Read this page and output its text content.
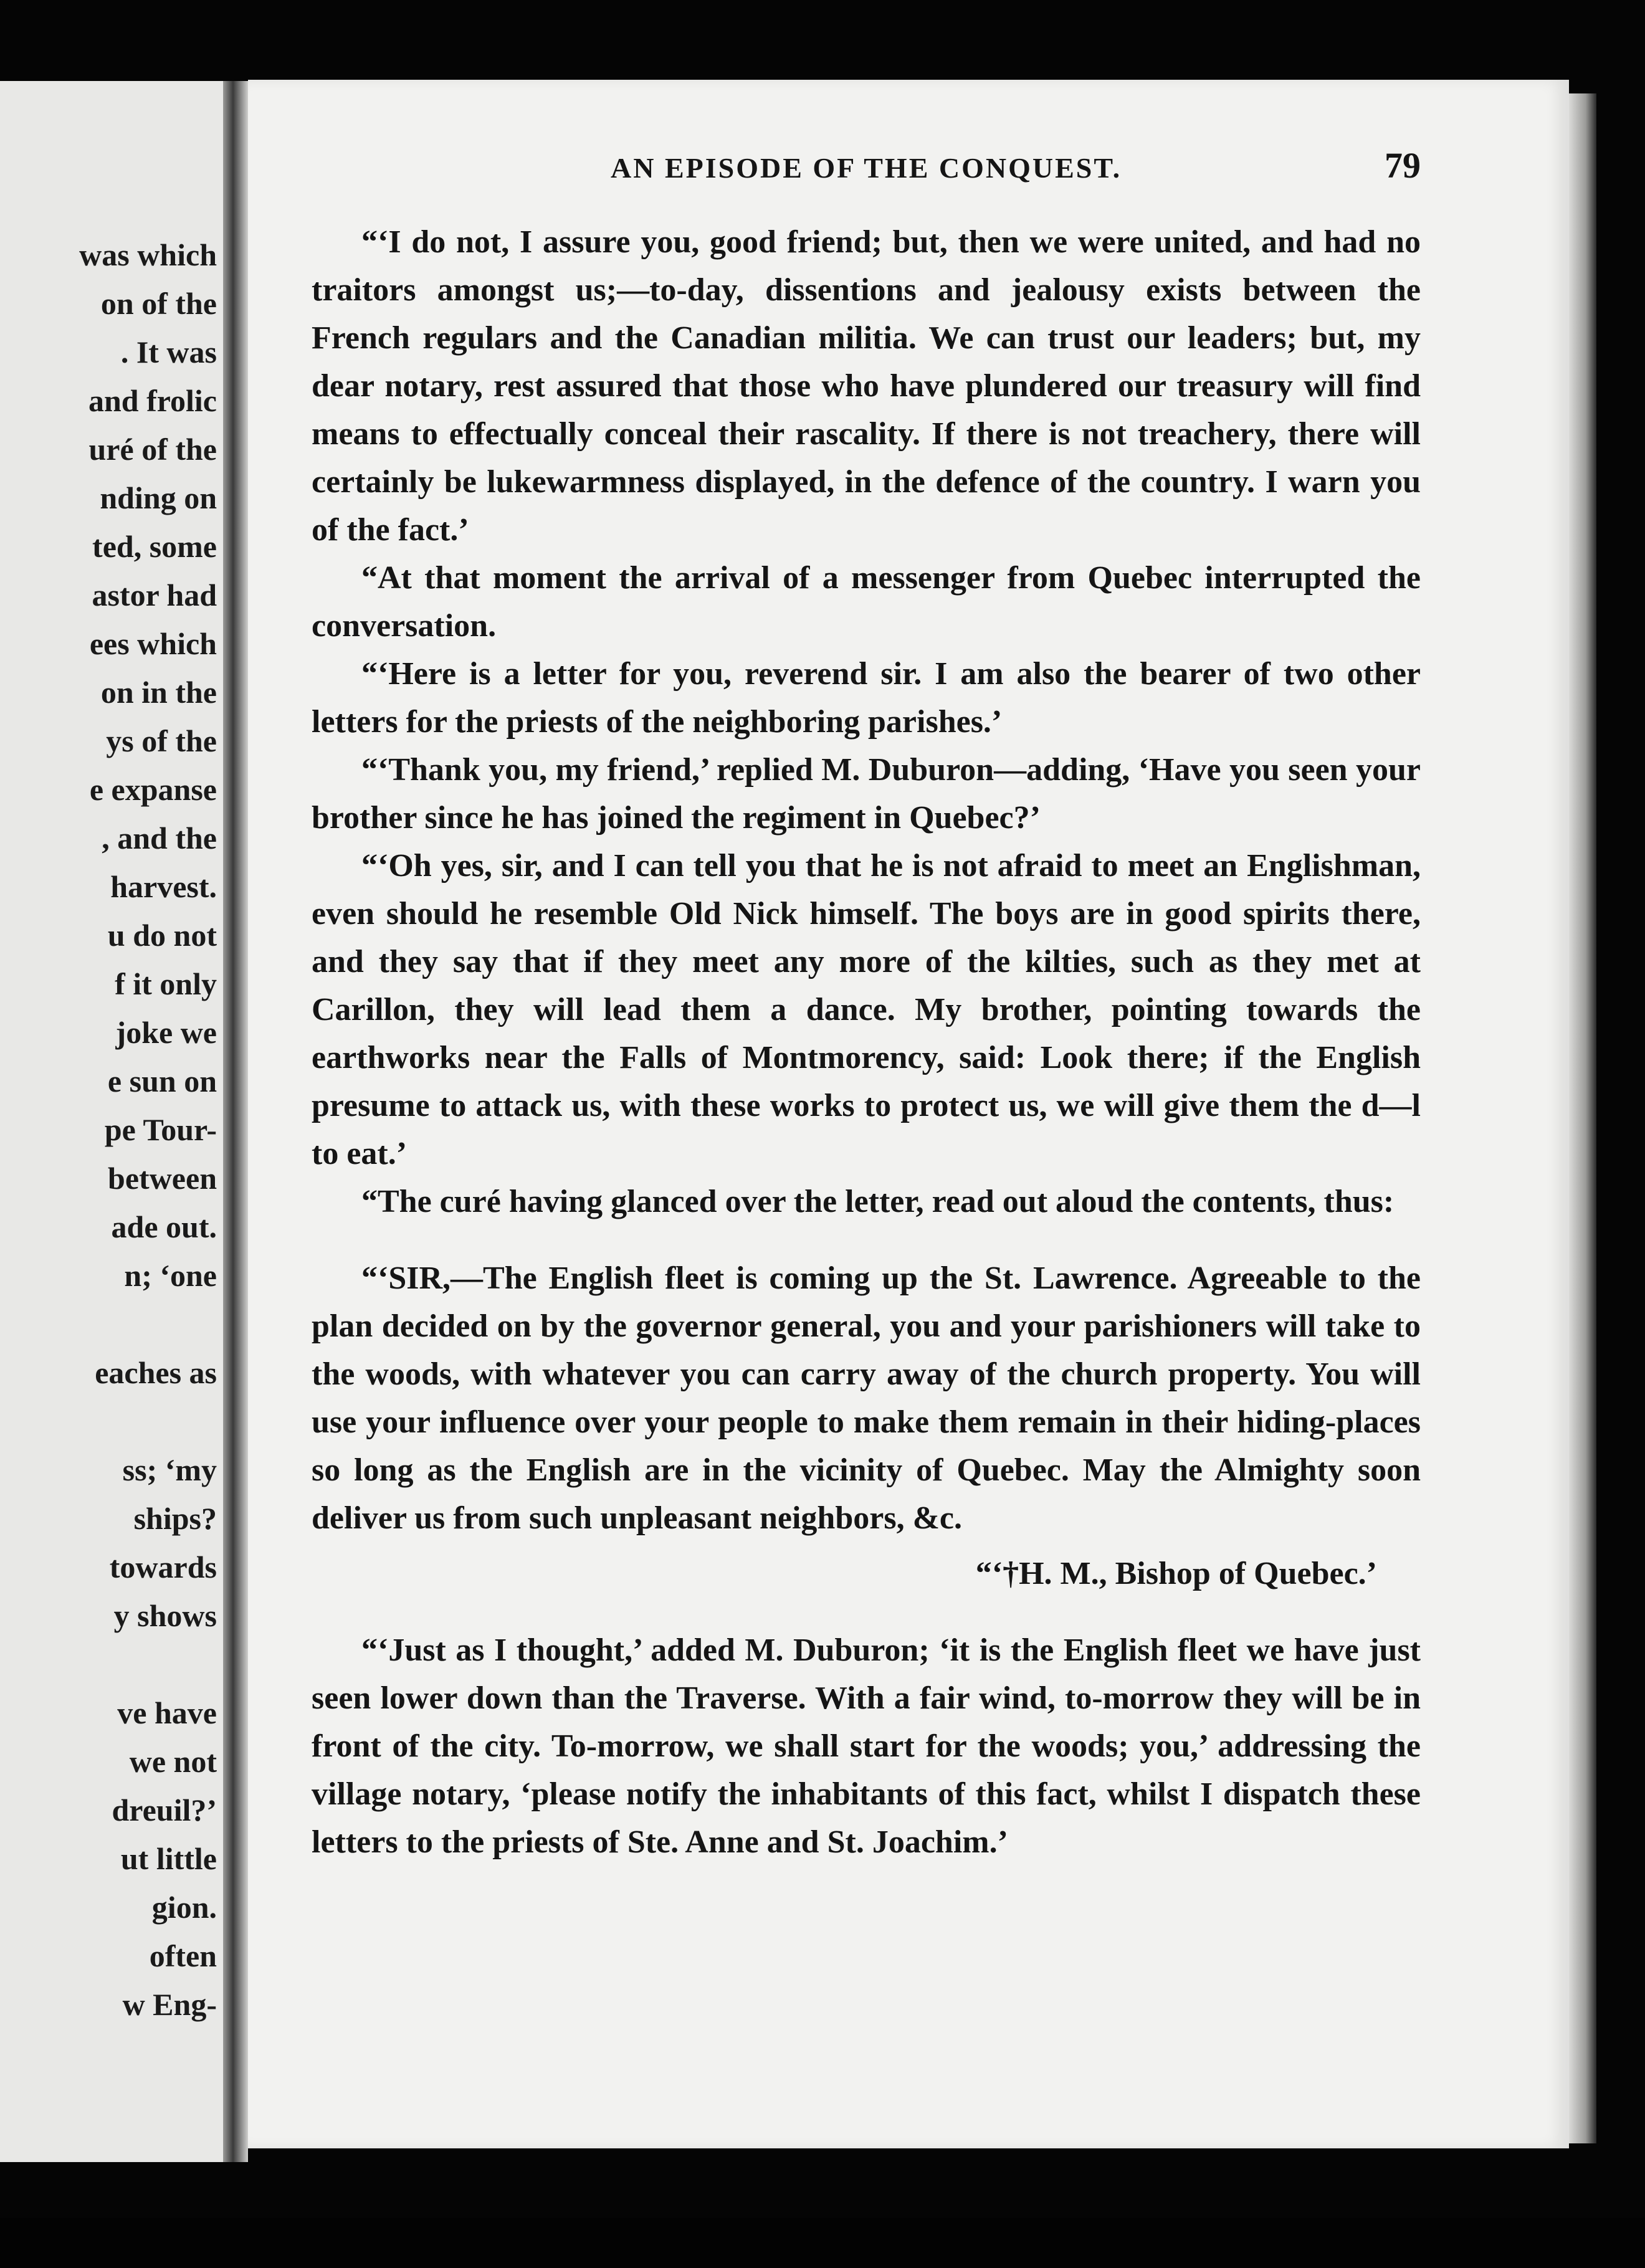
was which
on of the
. It was
and frolic
uré of the
nding on
ted, some
astor had
ees which
on in the
ys of the
e expanse
, and the
harvest.
u do not
f it only
joke we
e sun on
pe Tour-
between
ade out.
n; ‘one
eaches as
ss; ‘my
ships?
towards
y shows
ve have
we not
dreuil?’
ut little
gion.
often
w Eng-
AN EPISODE OF THE CONQUEST.	79

“‘I do not, I assure you, good friend; but, then we were united, and had no traitors amongst us;—to-day, dissentions and jealousy exists between the French regulars and the Canadian militia. We can trust our leaders; but, my dear notary, rest assured that those who have plundered our treasury will find means to effectually conceal their rascality. If there is not treachery, there will certainly be lukewarmness displayed, in the defence of the country. I warn you of the fact.’

“At that moment the arrival of a messenger from Quebec interrupted the conversation.

“‘Here is a letter for you, reverend sir. I am also the bearer of two other letters for the priests of the neighboring parishes.’

“‘Thank you, my friend,’ replied M. Duburon—adding, ‘Have you seen your brother since he has joined the regiment in Quebec?’

“‘Oh yes, sir, and I can tell you that he is not afraid to meet an Englishman, even should he resemble Old Nick himself. The boys are in good spirits there, and they say that if they meet any more of the kilties, such as they met at Carillon, they will lead them a dance. My brother, pointing towards the earthworks near the Falls of Montmorency, said: Look there; if the English presume to attack us, with these works to protect us, we will give them the d—l to eat.’

“The curé having glanced over the letter, read out aloud the contents, thus:

“‘SIR,—The English fleet is coming up the St. Lawrence. Agreeable to the plan decided on by the governor general, you and your parishioners will take to the woods, with whatever you can carry away of the church property. You will use your influence over your people to make them remain in their hiding-places so long as the English are in the vicinity of Quebec. May the Almighty soon deliver us from such unpleasant neighbors, &c.

“‘†H. M., Bishop of Quebec.’

“‘Just as I thought,’ added M. Duburon; ‘it is the English fleet we have just seen lower down than the Traverse. With a fair wind, to-morrow they will be in front of the city. To-morrow, we shall start for the woods; you,’ addressing the village notary, ‘please notify the inhabitants of this fact, whilst I dispatch these letters to the priests of Ste. Anne and St. Joachim.’
